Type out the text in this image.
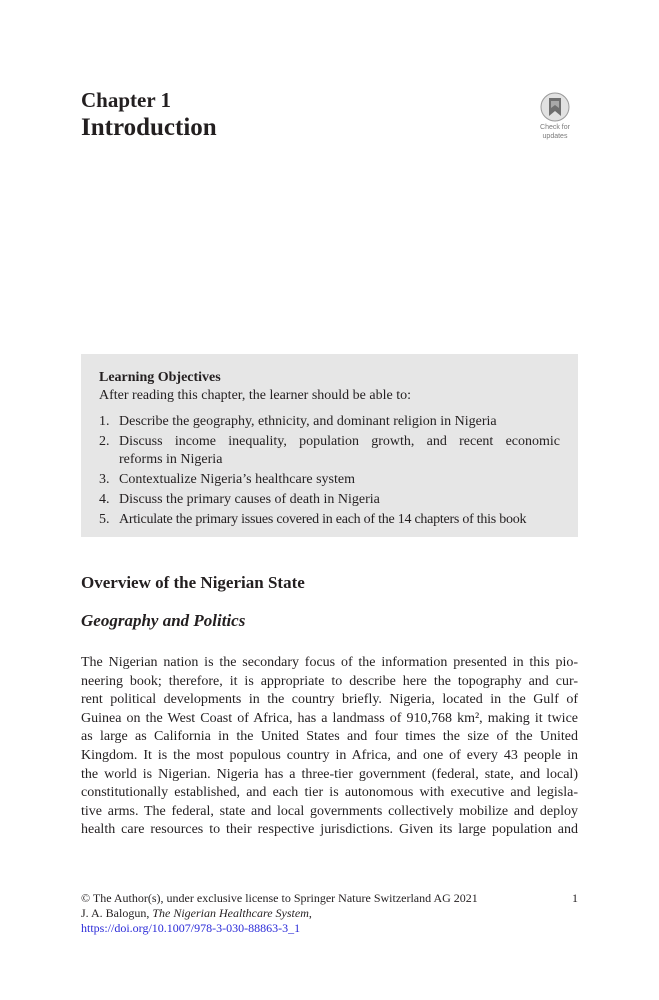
Chapter 1
Introduction	Check for
updates
Learning Objectives
After reading this chapter, the learner should be able to:
1. Describe the geography, ethnicity, and dominant religion in Nigeria
2. Discuss income inequality, population growth, and recent economic
reforms in Nigeria
3. Contextualize Nigeria’s healthcare system
4. Discuss the primary causes of death in Nigeria
5. Articulate the primary issues covered in each of the 14 chapters of this book
Overview of the Nigerian State
Geography and Politics
The Nigerian nation is the secondary focus of the information presented in this pio-
neering book; therefore, it is appropriate to describe here the topography and cur-
rent political developments in the country briefly. Nigeria, located in the Gulf of
Guinea on the West Coast of Africa, has a landmass of 910,768 km², making it twice
as large as California in the United States and four times the size of the United
Kingdom. It is the most populous country in Africa, and one of every 43 people in
the world is Nigerian. Nigeria has a three-tier government (federal, state, and local)
constitutionally established, and each tier is autonomous with executive and legisla-
tive arms. The federal, state and local governments collectively mobilize and deploy
health care resources to their respective jurisdictions. Given its large population and
© The Author(s), under exclusive license to Springer Nature Switzerland AG 2021
J. A. Balogun, The Nigerian Healthcare System,
https://doi.org/10.1007/978-3-030-88863-3_1
1
